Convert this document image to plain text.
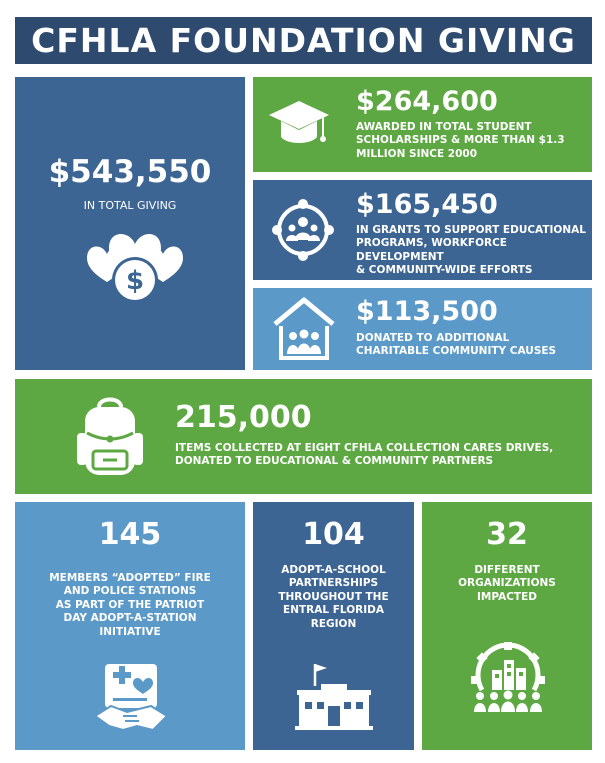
CFHLA FOUNDATION GIVING
$543,550
IN TOTAL GIVING
$
$264,600
AWARDED IN TOTAL STUDENT
SCHOLARSHIPS & MORE THAN $1.3
MILLION SINCE 2000
$165,450
IN GRANTS TO SUPPORT EDUCATIONAL
PROGRAMS, WORKFORCE DEVELOPMENT
& COMMUNITY-WIDE EFFORTS
$113,500
DONATED TO ADDITIONAL
CHARITABLE COMMUNITY CAUSES
215,000
ITEMS COLLECTED AT EIGHT CFHLA COLLECTION CARES DRIVES,
DONATED TO EDUCATIONAL & COMMUNITY PARTNERS
145
MEMBERS “ADOPTED” FIRE
AND POLICE STATIONS
AS PART OF THE PATRIOT
DAY ADOPT-A-STATION
INITIATIVE
104
ADOPT-A-SCHOOL
PARTNERSHIPS
THROUGHOUT THE
ENTRAL FLORIDA
REGION
32
DIFFERENT
ORGANIZATIONS
IMPACTED
